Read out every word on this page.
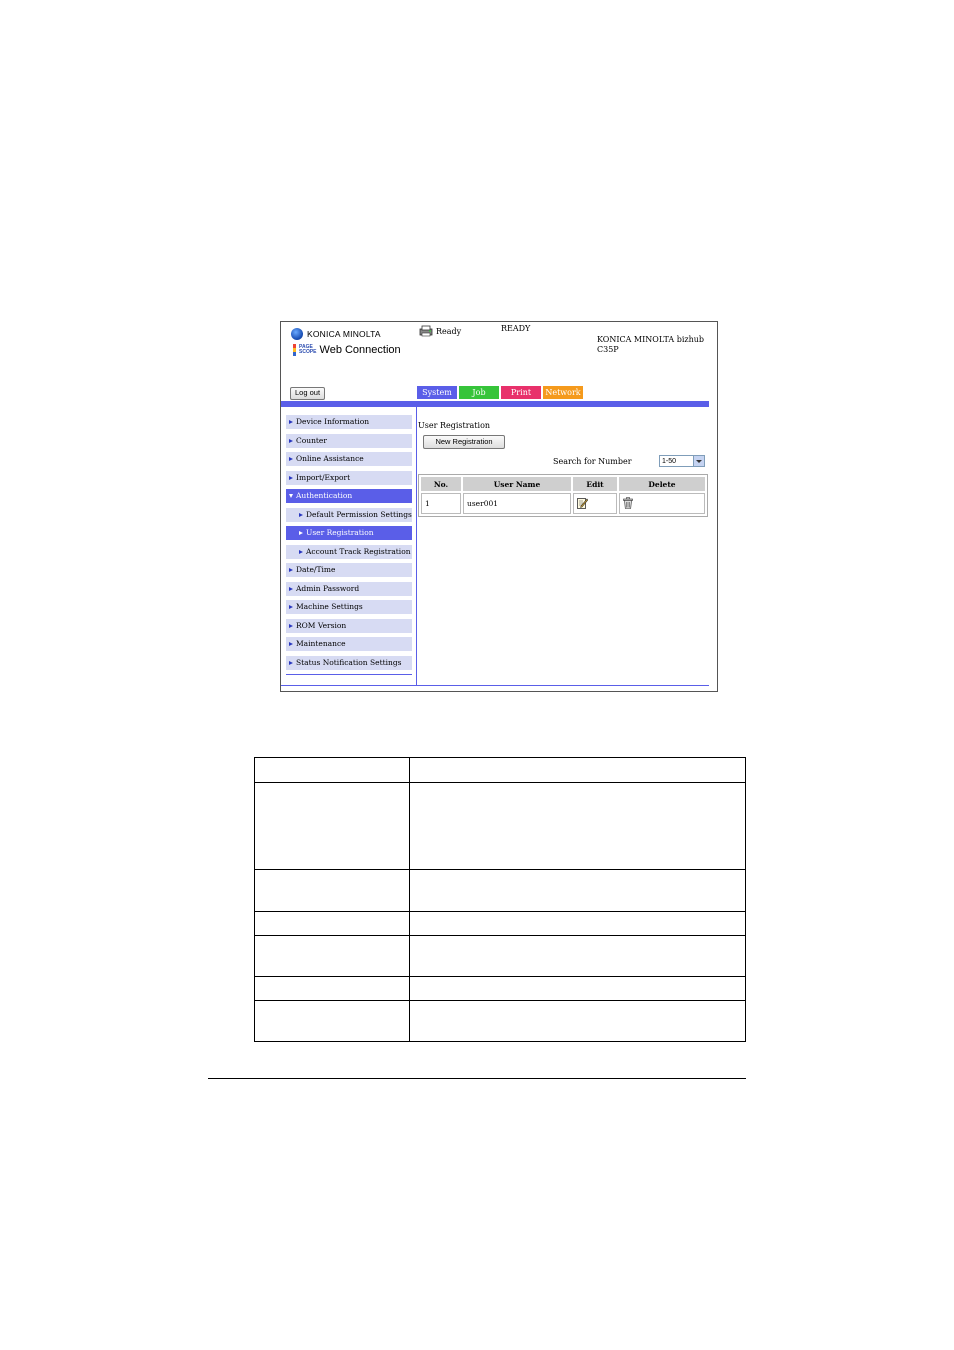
KONICA MINOLTA
PAGE
SCOPE Web Connection
Ready	READY
KONICA MINOLTA bizhub C35P
Log out	System	Job	Print	Network
Device Information
Counter
Online Assistance
Import/Export
Authentication
Default Permission Settings
User Registration
Account Track Registration
Date/Time
Admin Password
Machine Settings
ROM Version
Maintenance
Status Notification Settings
User Registration
New Registration
Search for Number	1-50
No.	User Name	Edit	Delete
1	user001		
